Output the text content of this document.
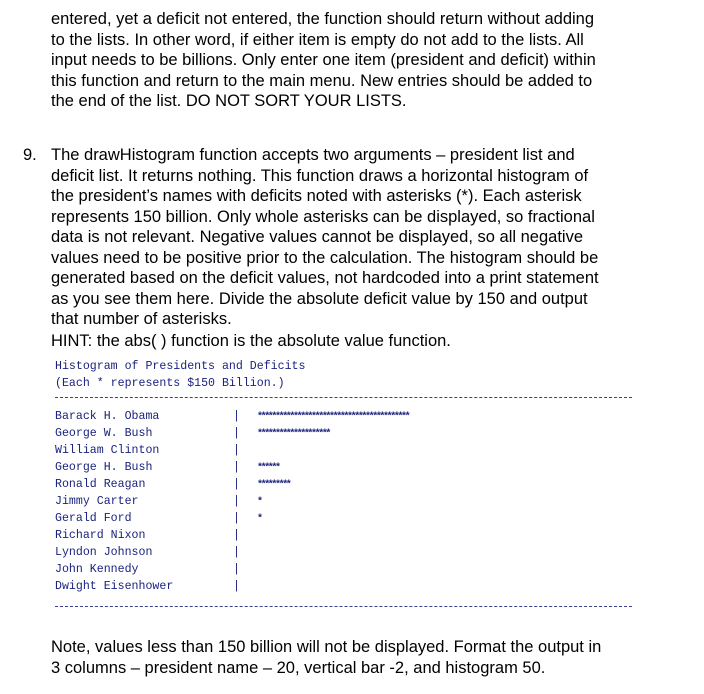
entered, yet a deficit not entered, the function should return without adding
to the lists. In other word, if either item is empty do not add to the lists. All
input needs to be billions. Only enter one item (president and deficit) within
this function and return to the main menu. New entries should be added to
the end of the list. DO NOT SORT YOUR LISTS.
9. The drawHistogram function accepts two arguments – president list and
deficit list. It returns nothing. This function draws a horizontal histogram of
the president’s names with deficits noted with asterisks (*). Each asterisk
represents 150 billion. Only whole asterisks can be displayed, so fractional
data is not relevant. Negative values cannot be displayed, so all negative
values need to be positive prior to the calculation. The histogram should be
generated based on the deficit values, not hardcoded into a print statement
as you see them here. Divide the absolute deficit value by 150 and output
that number of asterisks.
HINT: the abs( ) function is the absolute value function.
Histogram of Presidents and Deficits
(Each * represents $150 Billion.)
Barack H. Obama	| ******************************************
George W. Bush	| ********************
William Clinton	|
George H. Bush	| ******
Ronald Reagan	| *********
Jimmy Carter	| *
Gerald Ford	| *
Richard Nixon	|
Lyndon Johnson	|
John Kennedy	|
Dwight Eisenhower	|
Note, values less than 150 billion will not be displayed. Format the output in
3 columns – president name – 20, vertical bar -2, and histogram 50.
